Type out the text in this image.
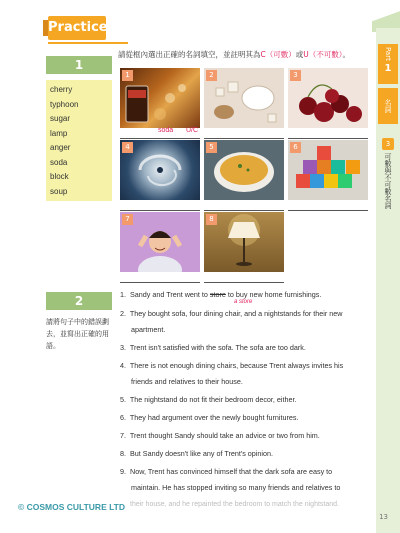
Part
1
名詞
3可數與不可數名詞
Practice
1
請從框內選出正確的名詞填空，並註明其為C（可數）或U（不可數）。
cherry
typhoon
sugar
lamp
anger
soda
block
soup
1
soda U/C
2	3
4	5	6
7	8
2
請將句子中的錯誤劃去，並寫出正確的用語。
1. Sandy and Trent went to store to buy new home furnishings.
a store
2. They bought sofa, four dining chair, and a nightstands for their new
apartment.
3. Trent isn't satisfied with the sofa. The sofa are too dark.
4. There is not enough dining chairs, because Trent always invites his
friends and relatives to their house.
5. The nightstand do not fit their bedroom decor, either.
6. They had argument over the newly bought furnitures.
7. Trent thought Sandy should take an advice or two from him.
8. But Sandy doesn't like any of Trent's opinion.
9. Now, Trent has convinced himself that the dark sofa are easy to
maintain. He has stopped inviting so many friends and relatives to
© COSMOS CULTURE LTD their house, and he repainted the bedroom to match the nightstand.
13
